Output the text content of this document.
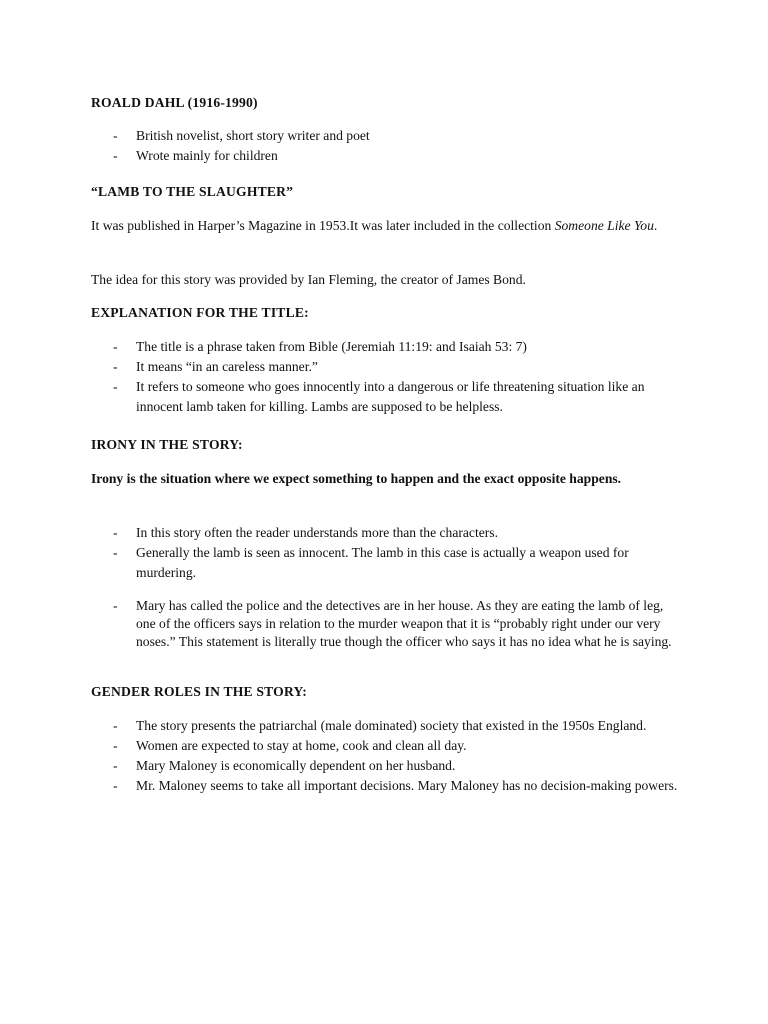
ROALD DAHL (1916-1990)

- British novelist, short story writer and poet
- Wrote mainly for children

“LAMB TO THE SLAUGHTER”

It was published in Harper’s Magazine in 1953.It was later included in the collection Someone Like You.

The idea for this story was provided by Ian Fleming, the creator of James Bond.

EXPLANATION FOR THE TITLE:

- The title is a phrase taken from Bible (Jeremiah 11:19: and Isaiah 53: 7)
- It means “in an careless manner.”
- It refers to someone who goes innocently into a dangerous or life threatening situation like an innocent lamb taken for killing. Lambs are supposed to be helpless.

IRONY IN THE STORY:

Irony is the situation where we expect something to happen and the exact opposite happens.

- In this story often the reader understands more than the characters.
- Generally the lamb is seen as innocent. The lamb in this case is actually a weapon used for murdering.
- Mary has called the police and the detectives are in her house. As they are eating the lamb of leg, one of the officers says in relation to the murder weapon that it is “probably right under our very noses.” This statement is literally true though the officer who says it has no idea what he is saying.

GENDER ROLES IN THE STORY:

- The story presents the patriarchal (male dominated) society that existed in the 1950s England.
- Women are expected to stay at home, cook and clean all day.
- Mary Maloney is economically dependent on her husband.
- Mr. Maloney seems to take all important decisions. Mary Maloney has no decision-making powers.
